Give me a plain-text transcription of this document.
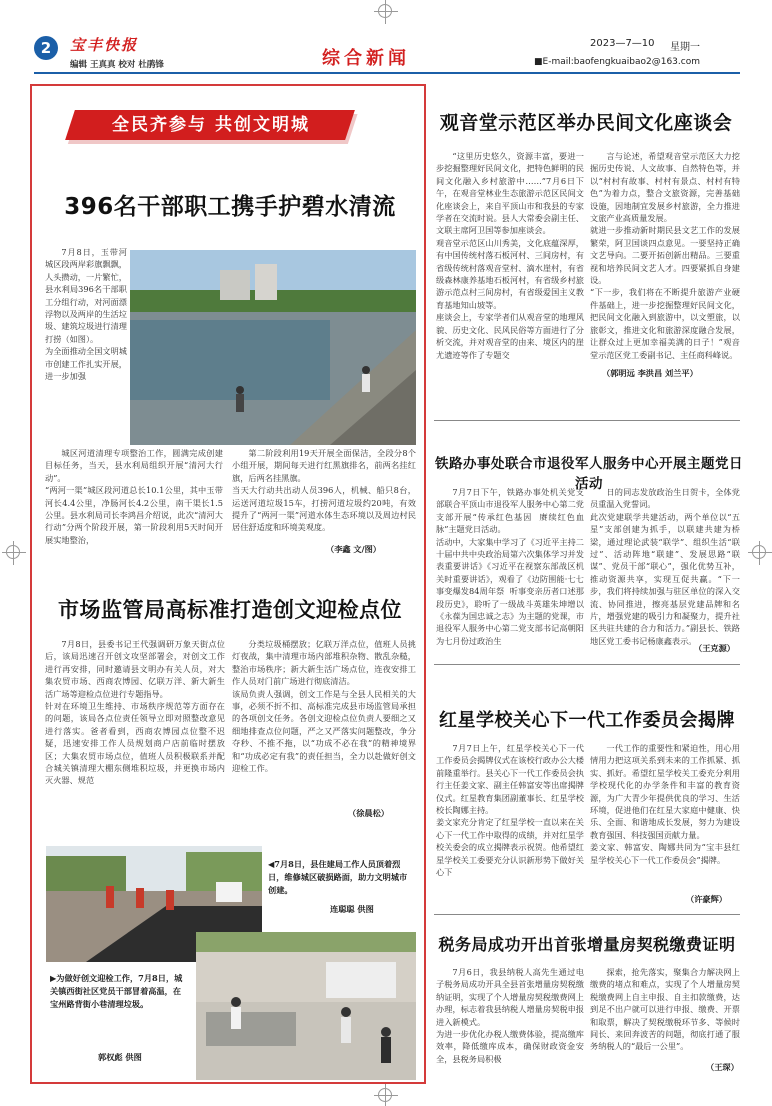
2	宝丰快报
编辑 王真真 校对 杜鹃锋	综合新闻
2023—7—10 星期一
■E-mail:baofengkuaibao2@163.com
全民齐参与 共创文明城
396名干部职工携手护碧水清流
7月8日，玉带河城区段两岸彩旗飘飘，人头攒动，一片繁忙，县水利局396名干部职工分组行动，对河面漂浮物以及两岸的生活垃圾、建筑垃圾进行清理打捞（如图）。
为全面推动全国文明城市创建工作扎实开展，进一步加强
城区河道清理专项整治工作，圆满完成创建目标任务，当天，县水利局组织开展“清河大行动”。
“两河一渠”城区段河道总长10.1公里，其中玉带河长4.4公里，净肠河长4.2公里，南干渠长1.5公里。县水利局司长李鸿昌介绍说，此次“清河大行动”分两个阶段开展，第一阶段利用5天时间开展实地整治，
第二阶段利用19天开展全面保洁，全段分8个小组开展，期间每天进行红黑旗排名，前两名挂红旗，后两名挂黑旗。
当天大行动共出动人员396人，机械、船只8台，运送河道垃圾15车，打捞河道垃圾约20吨，有效提升了“两河一渠”河道水体生态环境以及周边村民居住舒适度和环境美观度。
（李鑫 文/图）
市场监管局高标准打造创文迎检点位
7月8日，县委书记王代强调研万象天街点位后，该局迅速召开创文攻坚部署会，对创文工作进行再安排，同时邀请县文明办有关人员，对大集农贸市场、西商农博园、亿联万洋、新大新生活广场等迎检点位进行专题指导。
针对在环境卫生维持、市场秩序规范等方面存在的问题，该局各点位责任领导立即对照整改意见进行落实。爸者看到，西商农博园点位整不迟疑，迅速安排工作人员规划商户店前临时摆放区；大集农贸市场点位，值班人员积极联系并配合城关镇清理大棚东侧堆积垃圾，并更换市场内灭火器、规范
分类垃圾桶摆放；亿联万洋点位，值班人员挑灯夜战，集中清理市场内部堆积杂物、散乱杂糙，整治市场秩序；新大新生活广场点位，连夜安排工作人员对门前广场进行彻底清洁。
该局负责人强调，创文工作是与全县人民相关的大事，必须不折不扣、高标准完成县市场监管局承担的各项创文任务。各创文迎检点位负责人要细之又细地排查点位问题，严之又严落实问题整改，争分夺秒、不推不拖，以“功成不必在我”的精神境界和“功成必定有我”的责任担当，全力以赴做好创文迎检工作。
（徐晨松）
◀7月8日，县住建局工作人员顶着烈日，维修城区破损路面，助力文明城市创建。
连聪聪 供图
▶为做好创文迎检工作，7月8日，城关镇西街社区党员干部冒着高温，在宝州路背街小巷清理垃圾。
郭权彪 供图
观音堂示范区举办民间文化座谈会
“这里历史悠久，资源丰富，要进一步挖掘整理好民间文化，把特色鲜明的民间文化融入乡村旅游中……”7月6日下午，在观音堂林业生态旅游示范区民间文化座谈会上，来自平顶山市和我县的专家学者在交流时说。县人大常委会副主任、文联主席阿卫国等参加座谈会。
观音堂示范区山川秀美，文化底蕴深厚，有中国传统村落石板河村、三间房村，有省级传统村落观音堂村、滴水崖村，有省级森林康养基地石板河村，有省级乡村旅游示范点村三间房村，有省级爱国主义教育基地知山坡等。
座谈会上，专家学者们从观音堂的地理风貌、历史文化、民风民俗等方面进行了分析交流，并对观音堂的由来、境区内的崖尤遗迹等作了专题交
言与论述，希望观音堂示范区大力挖掘历史传说、人文故事、自然特色等，并以“村村有故事、村村有景点、村村有特色”为着力点，整合文旅资源，完善基础设施，因地制宜发展乡村旅游，全力推进文旅产业高质量发展。
就进一步推动新时期民县文艺工作的发展繁荣，阿卫国谈四点意见。一要坚持正确文艺导向。二要开拓创新出精品。三要重视和培养民间文艺人才。四要紧抓自身建设。
“下一步，我们将在不断提升旅游产业硬件基础上，进一步挖掘整理好民间文化，把民间文化融入到旅游中，以文塑旅，以旅彰文，推进文化和旅游深度融合发展，让群众过上更加幸福美满的日子！”观音堂示范区党工委副书记、主任商科峰说。
（郭明远 李洪昌 刘兰平）
铁路办事处联合市退役军人服务中心开展主题党日活动
7月7日下午，铁路办事处机关党支部联合平顶山市退役军人服务中心第二党支部开展“传承红色基因  赓续红色血脉”主题党日活动。
活动中，大家集中学习了《习近平主持二十届中共中央政治局第六次集体学习并发表重要讲话》《习近平在视察东部战区机关时重要讲话》，观看了《边防围能·七七事变爆发84周年祭  听事变亲历者口述那段历史》，聆听了一级战斗英雄朱坤增以《永葆为国忠诚之志》为主题的党课，市退役军人服务中心第二党支部书记高朝阳为七月份过政治生
日的同志发放政治生日贺卡，全体党员重温入党誓词。
此次党建联学共建活动，两个单位以“五星”支部创建为抓手，以联建共建为桥梁，通过理论武装“联学”、组织生活“联过”、活动阵地“联建”、发展思路“联谋”、党员干部“联心”，强化优势互补，推动资源共享，实现互促共赢。“下一步，我们将持续加强与驻区单位的深入交流、协同推进，擦亮基层党建品牌和名片，增强党建的吸引力和凝聚力，提升社区共驻共建的合力和活力。”副县长、铁路地区党工委书记杨康鑫表示。
（王克源）
红星学校关心下一代工作委员会揭牌
7月7日上午，红星学校关心下一代工作委员会揭牌仪式在该校行政办公大楼前隆重举行。县关心下一代工作委员会执行主任姜文家、副主任韩富安等出席揭牌仪式。红星教育集团副董事长、红星学校校长陶娜主持。
姜文家充分肯定了红星学校一直以来在关心下一代工作中取得的成绩，并对红星学校关委会的成立揭牌表示祝贺。他希望红星学校关工委要充分认识新形势下做好关心下
一代工作的重要性和紧迫性，用心用情用力把这项关系到未来的工作抓紧、抓实、抓好。希望红星学校关工委充分利用学校现代化的办学条件和丰富的教育资源，为广大青少年提供优良的学习、生活环境，促进他们在红星大家庭中健康、快乐、全面、和谐地成长发展，努力为建设教育强国、科技强国贡献力量。
姜文家、韩富安、陶娜共同为“宝丰县红星学校关心下一代工作委员会”揭牌。
（许豪辉）
税务局成功开出首张增量房契税缴费证明
7月6日，我县纳税人高先生通过电子税务局成功开具全县首张增量房契税缴纳证明，实现了个人增量房契税缴费网上办理，标志着我县纳税人增量房契税申报进入新模式。
为进一步优化办税人缴费体验，提高缴库效率，降低缴库成本，确保财政资金安全，县税务局积极
探索，抢先落实，聚集合力解决网上缴费的堵点和难点，实现了个人增量房契税缴费网上自主申报、自主扣款缴费，达到足不出户就可以进行申报、缴费、开票和取票，解决了契税缴税环节多、等候时间长、来回奔波苦的问题，彻底打通了服务纳税人的“最后一公里”。
（王琛）
